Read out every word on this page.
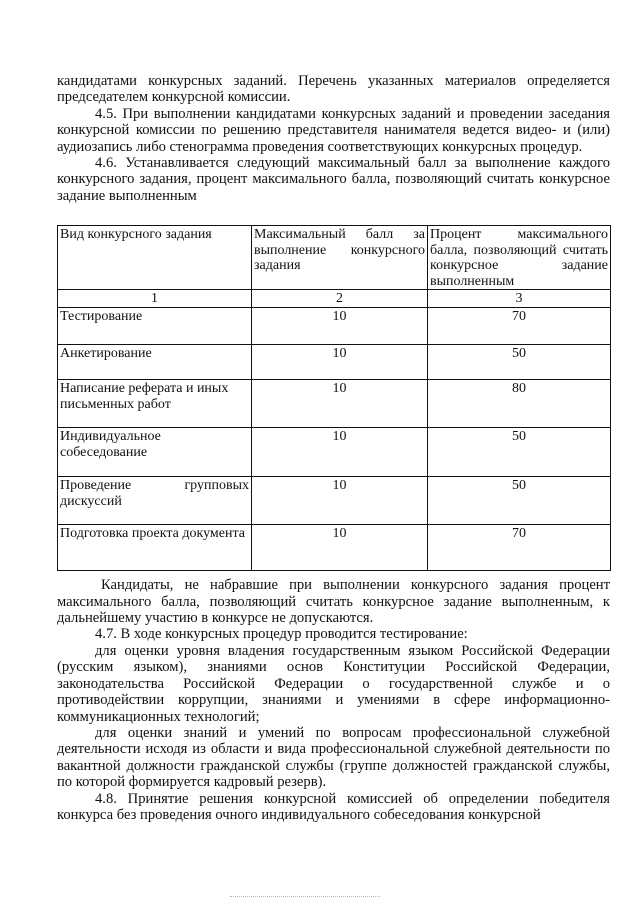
кандидатами конкурсных заданий. Перечень указанных материалов определяется председателем конкурсной комиссии.

4.5. При выполнении кандидатами конкурсных заданий и проведении заседания конкурсной комиссии по решению представителя нанимателя ведется видео- и (или) аудиозапись либо стенограмма проведения соответствующих конкурсных процедур.

4.6. Устанавливается следующий максимальный балл за выполнение каждого конкурсного задания, процент максимального балла, позволяющий считать конкурсное задание выполненным

Вид конкурсного задания	Максимальный балл за выполнение конкурсного задания	Процент максимального балла, позволяющий считать конкурсное задание выполненным
1	2	3
Тестирование	10	70
Анкетирование	10	50
Написание реферата и иных письменных работ	10	80
Индивидуальное собеседование	10	50
Проведение групповых дискуссий	10	50
Подготовка проекта документа	10	70

Кандидаты, не набравшие при выполнении конкурсного задания процент максимального балла, позволяющий считать конкурсное задание выполненным, к дальнейшему участию в конкурсе не допускаются.

4.7. В ходе конкурсных процедур проводится тестирование:

для оценки уровня владения государственным языком Российской Федерации (русским языком), знаниями основ Конституции Российской Федерации, законодательства Российской Федерации о государственной службе и о противодействии коррупции, знаниями и умениями в сфере информационно-коммуникационных технологий;

для оценки знаний и умений по вопросам профессиональной служебной деятельности исходя из области и вида профессиональной служебной деятельности по вакантной должности гражданской службы (группе должностей гражданской службы, по которой формируется кадровый резерв).

4.8. Принятие решения конкурсной комиссией об определении победителя конкурса без проведения очного индивидуального собеседования конкурсной
